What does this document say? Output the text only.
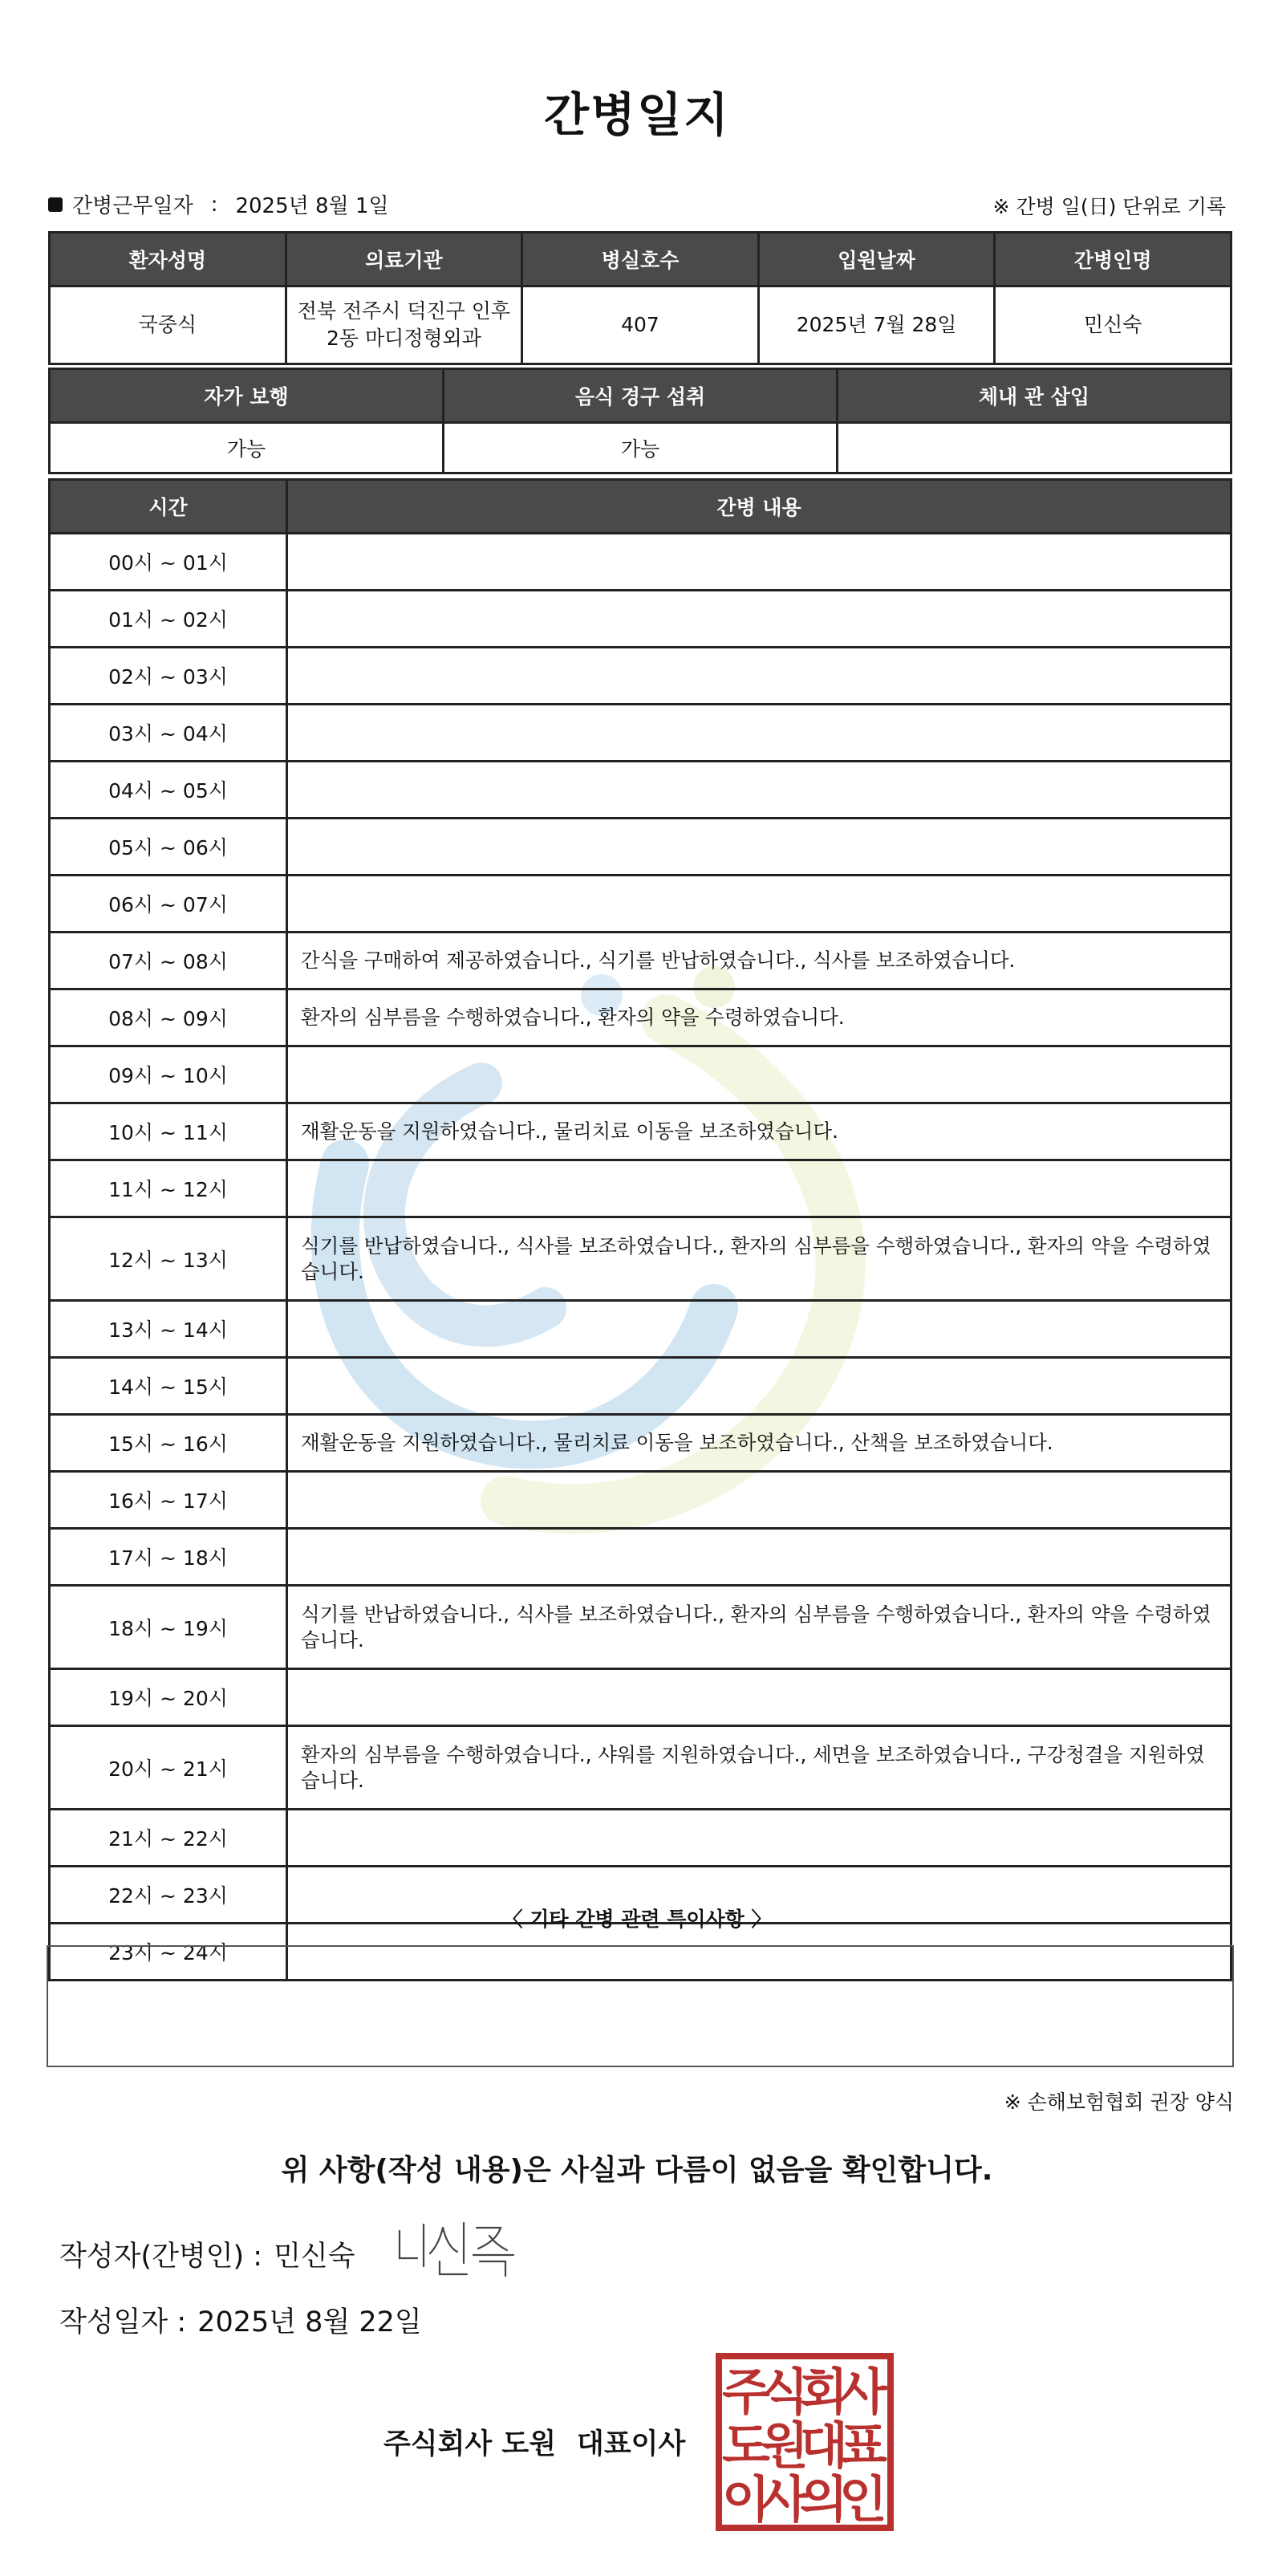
간병일지
간병근무일자 : 2025년 8월 1일	※ 간병 일(日) 단위로 기록
환자성명	의료기관	병실호수	입원날짜	간병인명
국중식	전북 전주시 덕진구 인후 2동 마디정형외과	407	2025년 7월 28일	민신숙
자가 보행	음식 경구 섭취	체내 관 삽입
가능	가능	
시간	간병 내용
00시 ~ 01시	
01시 ~ 02시	
02시 ~ 03시	
03시 ~ 04시	
04시 ~ 05시	
05시 ~ 06시	
06시 ~ 07시	
07시 ~ 08시	간식을 구매하여 제공하였습니다., 식기를 반납하였습니다., 식사를 보조하였습니다.
08시 ~ 09시	환자의 심부름을 수행하였습니다., 환자의 약을 수령하였습니다.
09시 ~ 10시	
10시 ~ 11시	재활운동을 지원하였습니다., 물리치료 이동을 보조하였습니다.
11시 ~ 12시	
12시 ~ 13시	식기를 반납하였습니다., 식사를 보조하였습니다., 환자의 심부름을 수행하였습니다., 환자의 약을 수령하였습니다.
13시 ~ 14시	
14시 ~ 15시	
15시 ~ 16시	재활운동을 지원하였습니다., 물리치료 이동을 보조하였습니다., 산책을 보조하였습니다.
16시 ~ 17시	
17시 ~ 18시	
18시 ~ 19시	식기를 반납하였습니다., 식사를 보조하였습니다., 환자의 심부름을 수행하였습니다., 환자의 약을 수령하였습니다.
19시 ~ 20시	
20시 ~ 21시	환자의 심부름을 수행하였습니다., 샤워를 지원하였습니다., 세면을 보조하였습니다., 구강청결을 지원하였습니다.
21시 ~ 22시	
22시 ~ 23시	
23시 ~ 24시	
〈 기타 간병 관련 특이사항 〉
※ 손해보험협회 권장 양식
위 사항(작성 내용)은 사실과 다름이 없음을 확인합니다.
작성자(간병인) : 민신숙
작성일자 : 2025년 8월 22일
주식회사 도원 대표이사
주
식
회
사
도
원
대
표
이
사
의
인
